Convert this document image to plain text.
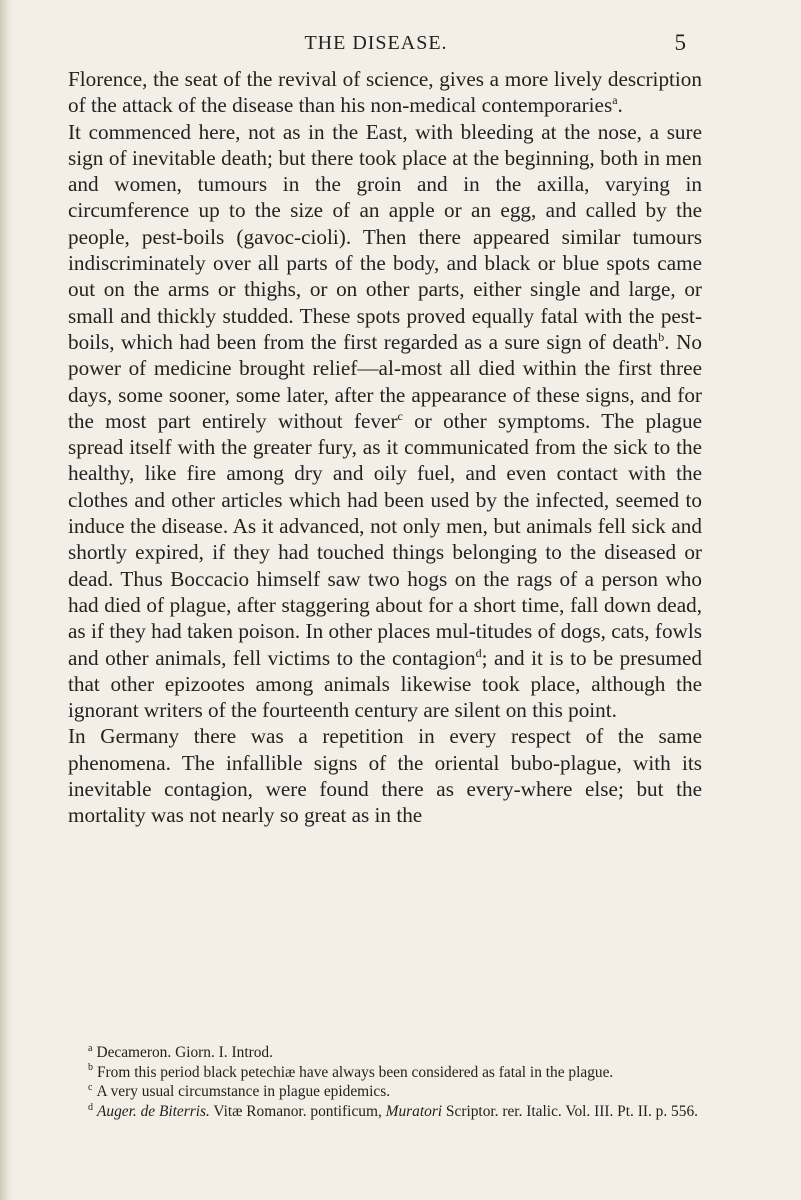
THE DISEASE.	5

Florence, the seat of the revival of science, gives a more lively description of the attack of the disease than his non-medical contemporaries$^a$.

It commenced here, not as in the East, with bleeding at the nose, a sure sign of inevitable death; but there took place at the beginning, both in men and women, tumours in the groin and in the axilla, varying in circumference up to the size of an apple or an egg, and called by the people, pest-boils (gavoc-cioli). Then there appeared similar tumours indiscriminately over all parts of the body, and black or blue spots came out on the arms or thighs, or on other parts, either single and large, or small and thickly studded. These spots proved equally fatal with the pest-boils, which had been from the first regarded as a sure sign of death$^b$. No power of medicine brought relief—al-most all died within the first three days, some sooner, some later, after the appearance of these signs, and for the most part entirely without fever$^c$ or other symptoms. The plague spread itself with the greater fury, as it communicated from the sick to the healthy, like fire among dry and oily fuel, and even contact with the clothes and other articles which had been used by the infected, seemed to induce the disease. As it advanced, not only men, but animals fell sick and shortly expired, if they had touched things belonging to the diseased or dead. Thus Boccacio himself saw two hogs on the rags of a person who had died of plague, after staggering about for a short time, fall down dead, as if they had taken poison. In other places mul-titudes of dogs, cats, fowls and other animals, fell victims to the contagion$^d$; and it is to be presumed that other epizootes among animals likewise took place, although the ignorant writers of the fourteenth century are silent on this point.

In Germany there was a repetition in every respect of the same phenomena. The infallible signs of the oriental bubo-plague, with its inevitable contagion, were found there as every-where else; but the mortality was not nearly so great as in the

$^a$ Decameron. Giorn. I. Introd.

$^b$ From this period black petechiæ have always been considered as fatal in the plague.

$^c$ A very usual circumstance in plague epidemics.

$^d$ Auger. de Biterris. Vitæ Romanor. pontificum, Muratori Scriptor. rer. Italic. Vol. III. Pt. II. p. 556.
